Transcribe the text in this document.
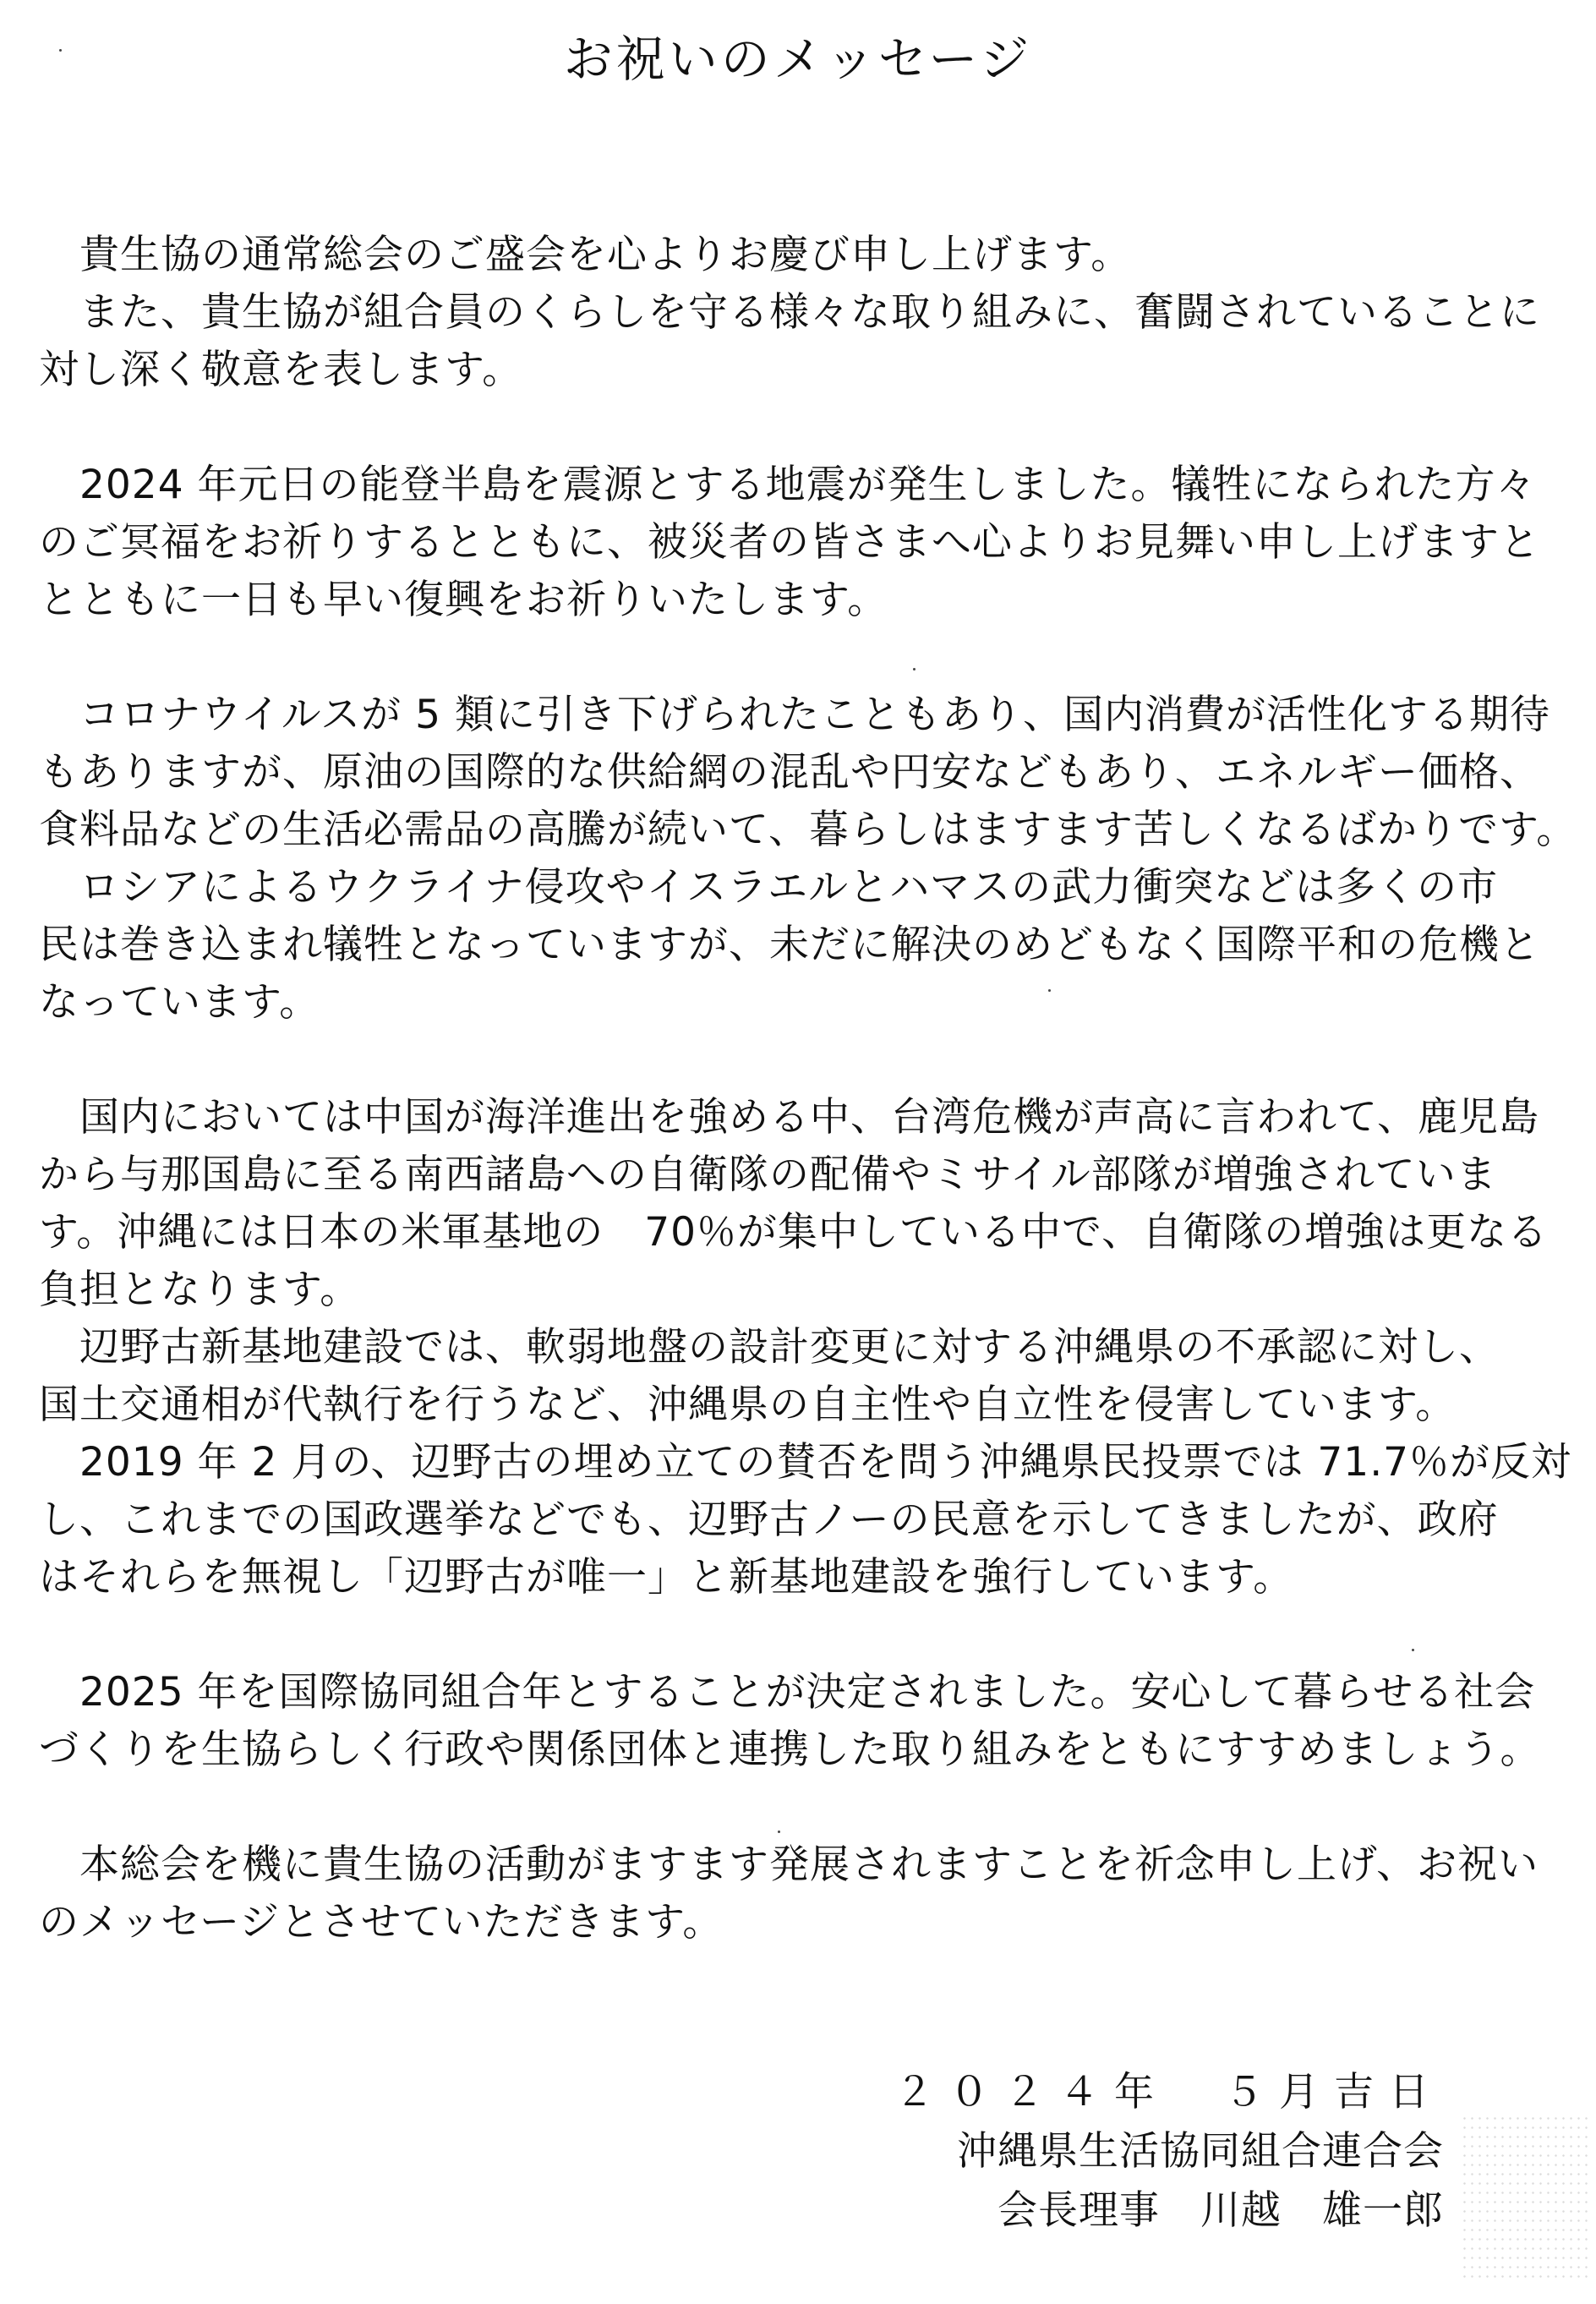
お祝いのメッセージ
　貴生協の通常総会のご盛会を心よりお慶び申し上げます。
　また、貴生協が組合員のくらしを守る様々な取り組みに、奮闘されていることに
対し深く敬意を表します。
　2024 年元日の能登半島を震源とする地震が発生しました。犠牲になられた方々
のご冥福をお祈りするとともに、被災者の皆さまへ心よりお見舞い申し上げますと
とともに一日も早い復興をお祈りいたします。
　コロナウイルスが 5 類に引き下げられたこともあり、国内消費が活性化する期待
もありますが、原油の国際的な供給網の混乱や円安などもあり、エネルギー価格、
食料品などの生活必需品の高騰が続いて、暮らしはますます苦しくなるばかりです。
　ロシアによるウクライナ侵攻やイスラエルとハマスの武力衝突などは多くの市
民は巻き込まれ犠牲となっていますが、未だに解決のめどもなく国際平和の危機と
なっています。
　国内においては中国が海洋進出を強める中、台湾危機が声高に言われて、鹿児島
から与那国島に至る南西諸島への自衛隊の配備やミサイル部隊が増強されていま
す。沖縄には日本の米軍基地の　70％が集中している中で、自衛隊の増強は更なる
負担となります。
　辺野古新基地建設では、軟弱地盤の設計変更に対する沖縄県の不承認に対し、
国土交通相が代執行を行うなど、沖縄県の自主性や自立性を侵害しています。
　2019 年 2 月の、辺野古の埋め立ての賛否を問う沖縄県民投票では 71.7％が反対
し、これまでの国政選挙などでも、辺野古ノーの民意を示してきましたが、政府
はそれらを無視し「辺野古が唯一」と新基地建設を強行しています。
　2025 年を国際協同組合年とすることが決定されました。安心して暮らせる社会
づくりを生協らしく行政や関係団体と連携した取り組みをともにすすめましょう。
　本総会を機に貴生協の活動がますます発展されますことを祈念申し上げ、お祝い
のメッセージとさせていただきます。
２０２４年　５月吉日
沖縄県生活協同組合連合会
会長理事　川越　雄一郎
